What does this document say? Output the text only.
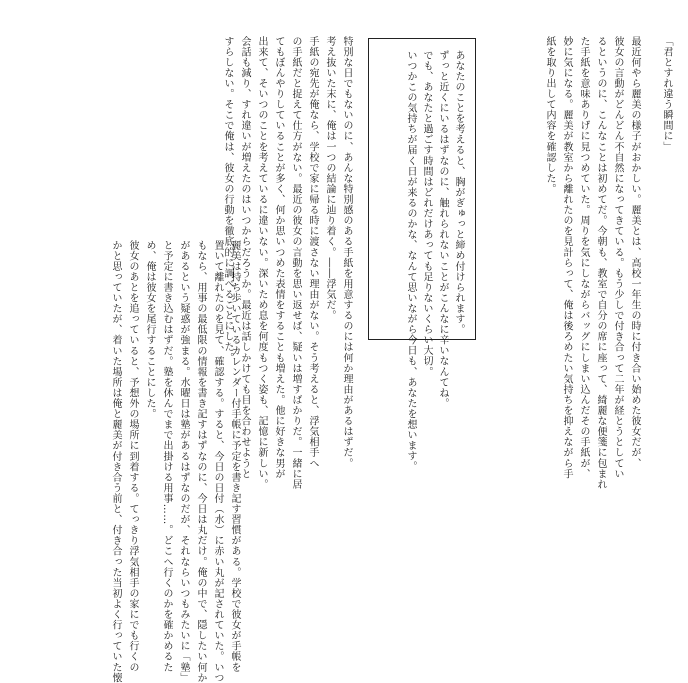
「君とすれ違う瞬間に」
最近何やら麗美の様子がおかしい。麗美とは、高校一年生の時に付き合い始めた彼女だが、
彼女の言動がどんどん不自然になってきている。もう少しで付き合って二年が経とうとしてい
るというのに、こんなことは初めてだ。今朝も、教室で自分の席に座って、綺麗な便箋に包まれ
た手紙を意味ありげに見つめていた。周りを気にしながらバッグにしまい込んだその手紙が、
妙に気になる。麗美が教室から離れたのを見計らって、俺は後ろめたい気持ちを抑えながら手
紙を取り出して内容を確認した。
あなたのことを考えると、胸がぎゅっと締め付けられます。
ずっと近くにいるはずなのに、触れられないことがこんなに辛いなんてね。
でも、あなたと過ごす時間はどれだけあっても足りないくらい大切。
いつかこの気持ちが届く日が来るのかな、なんて思いながら今日も、あなたを想います。
特別な日でもないのに、あんな特別感のある手紙を用意するのには何か理由があるはずだ。
考え抜いた末に、俺は一つの結論に辿り着く。――浮気だ。
手紙の宛先が俺なら、学校で家に帰る時に渡さない理由がない。そう考えると、浮気相手へ
の手紙だと捉えて仕方がない。最近の彼女の言動を思い返せば、疑いは増すばかりだ。一緒に居
てもぼんやりしていることが多く、何か思いつめた表情をすることも増えた。他に好きな男が
出来て、そいつのことを考えているに違いない。深いため息を何度もつく姿も、記憶に新しい。
会話も減り、すれ違いが増えたのはいつからだろうか。最近は話しかけても目を合わせようと
すらしない。そこで俺は、彼女の行動を徹底的に調べることにした。
麗美は持ち歩いているカレンダー付手帳に予定を書き記す習慣がある。学校で彼女が手帳を
置いて離れたのを見て、確認する。すると、今日の日付（水）に赤い丸が記されていた。いつ
もなら、用事の最低限の情報を書き記すはずなのに、今日は丸だけ。俺の中で、隠したい何か
があるという疑惑が強まる。水曜日は塾があるはずなのだが、それならいつもみたいに「塾」
と予定に書き込むはずだ。塾を休んでまで出掛ける用事……。どこへ行くのかを確かめるた
め、俺は彼女を尾行することにした。
彼女のあとを追っていると、予想外の場所に到着する。てっきり浮気相手の家にでも行くの
かと思っていたが、着いた場所は俺と麗美が付き合う前と、付き合った当初よく行っていた懐
